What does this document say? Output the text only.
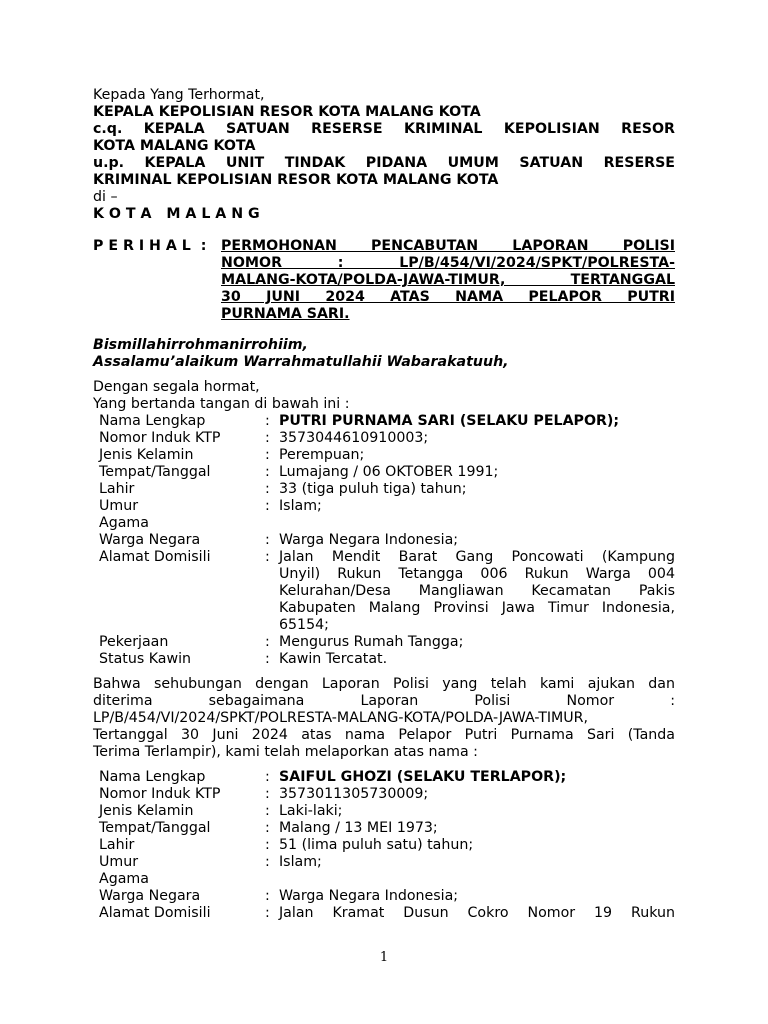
Kepada Yang Terhormat,
KEPALA KEPOLISIAN RESOR KOTA MALANG KOTA
c.q. KEPALA SATUAN RESERSE KRIMINAL KEPOLISIAN RESOR
KOTA MALANG KOTA
u.p. KEPALA UNIT TINDAK PIDANA UMUM SATUAN RESERSE
KRIMINAL KEPOLISIAN RESOR KOTA MALANG KOTA
di –
K O T A   M A L A N G
P E R I H A L  :	PERMOHONAN PENCABUTAN LAPORAN POLISI
NOMOR : LP/B/454/VI/2024/SPKT/POLRESTA-
MALANG-KOTA/POLDA-JAWA-TIMUR, TERTANGGAL
30 JUNI 2024 ATAS NAMA PELAPOR PUTRI
PURNAMA SARI.
Bismillahirrohmanirrohiim,
Assalamu’alaikum Warrahmatullahii Wabarakatuuh,
Dengan segala hormat,
Yang bertanda tangan di bawah ini :
Nama Lengkap	:	PUTRI PURNAMA SARI (SELAKU PELAPOR);
Nomor Induk KTP	:	3573044610910003;
Jenis Kelamin	:	Perempuan;
Tempat/Tanggal	:	Lumajang / 06 OKTOBER 1991;
Lahir	:	33 (tiga puluh tiga) tahun;
Umur	:	Islam;
Agama		
Warga Negara	:	Warga Negara Indonesia;
Alamat Domisili	:	Jalan Mendit Barat Gang Poncowati (Kampung
Unyil) Rukun Tetangga 006 Rukun Warga 004
Kelurahan/Desa Mangliawan Kecamatan Pakis
Kabupaten Malang Provinsi Jawa Timur Indonesia,
65154;

Pekerjaan	:	Mengurus Rumah Tangga;
Status Kawin	:	Kawin Tercatat.
Bahwa sehubungan dengan Laporan Polisi yang telah kami ajukan dan
diterima sebagaimana Laporan Polisi Nomor :
LP/B/454/VI/2024/SPKT/POLRESTA-MALANG-KOTA/POLDA-JAWA-TIMUR,
Tertanggal 30 Juni 2024 atas nama Pelapor Putri Purnama Sari (Tanda
Terima Terlampir), kami telah melaporkan atas nama :
Nama Lengkap	:	SAIFUL GHOZI (SELAKU TERLAPOR);
Nomor Induk KTP	:	3573011305730009;
Jenis Kelamin	:	Laki-laki;
Tempat/Tanggal	:	Malang / 13 MEI 1973;
Lahir	:	51 (lima puluh satu) tahun;
Umur	:	Islam;
Agama		
Warga Negara	:	Warga Negara Indonesia;
Alamat Domisili	:	Jalan Kramat Dusun Cokro Nomor 19 Rukun
1
